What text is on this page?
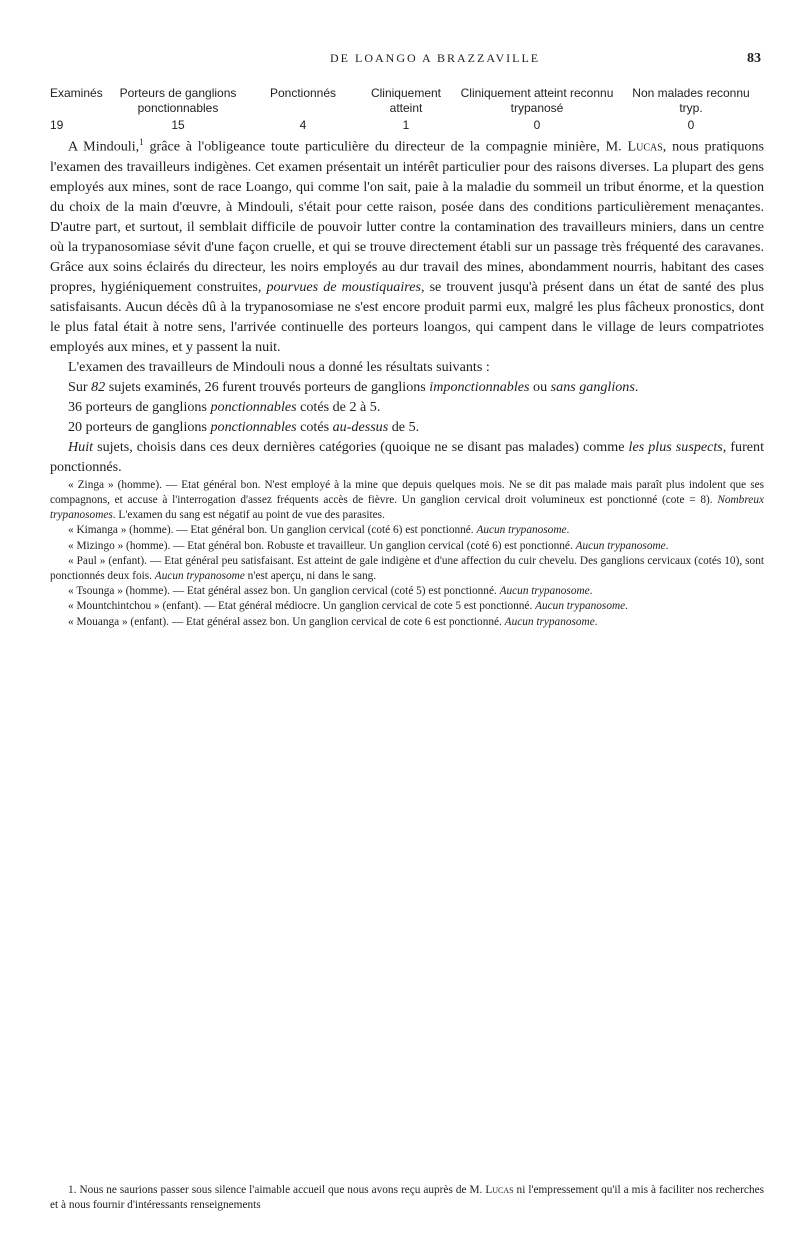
DE LOANGO A BRAZZAVILLE	83
Examinés	Porteurs de ganglions ponctionnables	Ponctionnés	Cliniquement atteint	Cliniquement atteint reconnu trypanosé	Non malades reconnu tryp.
19	15	4	1	0	0

A Mindouli,$^1$ grâce à l'obligeance toute particulière du directeur de la compagnie minière, M. Lucas, nous pratiquons l'examen des travailleurs indigènes. Cet examen présentait un intérêt particulier pour des raisons diverses. La plupart des gens employés aux mines, sont de race Loango, qui comme l'on sait, paie à la maladie du sommeil un tribut énorme, et la question du choix de la main d'œuvre, à Mindouli, s'était pour cette raison, posée dans des conditions particulièrement menaçantes. D'autre part, et surtout, il semblait difficile de pouvoir lutter contre la contamination des travailleurs miniers, dans un centre où la trypanosomiase sévit d'une façon cruelle, et qui se trouve directement établi sur un passage très fréquenté des caravanes. Grâce aux soins éclairés du directeur, les noirs employés au dur travail des mines, abondamment nourris, habitant des cases propres, hygiéniquement construites, pourvues de moustiquaires, se trouvent jusqu'à présent dans un état de santé des plus satisfaisants. Aucun décès dû à la trypanosomiase ne s'est encore produit parmi eux, malgré les plus fâcheux pronostics, dont le plus fatal était à notre sens, l'arrivée continuelle des porteurs loangos, qui campent dans le village de leurs compatriotes employés aux mines, et y passent la nuit.

L'examen des travailleurs de Mindouli nous a donné les résultats suivants :

Sur 82 sujets examinés, 26 furent trouvés porteurs de ganglions imponctionnables ou sans ganglions.

36 porteurs de ganglions ponctionnables cotés de 2 à 5.

20 porteurs de ganglions ponctionnables cotés au-dessus de 5.

Huit sujets, choisis dans ces deux dernières catégories (quoique ne se disant pas malades) comme les plus suspects, furent ponctionnés.

« Zinga » (homme). — Etat général bon. N'est employé à la mine que depuis quelques mois. Ne se dit pas malade mais paraît plus indolent que ses compagnons, et accuse à l'interrogation d'assez fréquents accès de fièvre. Un ganglion cervical droit volumineux est ponctionné (cote = 8). Nombreux trypanosomes. L'examen du sang est négatif au point de vue des parasites.

« Kimanga » (homme). — Etat général bon. Un ganglion cervical (coté 6) est ponctionné. Aucun trypanosome.

« Mizingo » (homme). — Etat général bon. Robuste et travailleur. Un ganglion cervical (coté 6) est ponctionné. Aucun trypanosome.

« Paul » (enfant). — Etat général peu satisfaisant. Est atteint de gale indigène et d'une affection du cuir chevelu. Des ganglions cervicaux (cotés 10), sont ponctionnés deux fois. Aucun trypanosome n'est aperçu, ni dans le sang.

« Tsounga » (homme). — Etat général assez bon. Un ganglion cervical (coté 5) est ponctionné. Aucun trypanosome.

« Mountchintchou » (enfant). — Etat général médiocre. Un ganglion cervical de cote 5 est ponctionné. Aucun trypanosome.

« Mouanga » (enfant). — Etat général assez bon. Un ganglion cervical de cote 6 est ponctionné. Aucun trypanosome.

1. Nous ne saurions passer sous silence l'aimable accueil que nous avons reçu auprès de M. Lucas ni l'empressement qu'il a mis à faciliter nos recherches et à nous fournir d'intéressants renseignements
